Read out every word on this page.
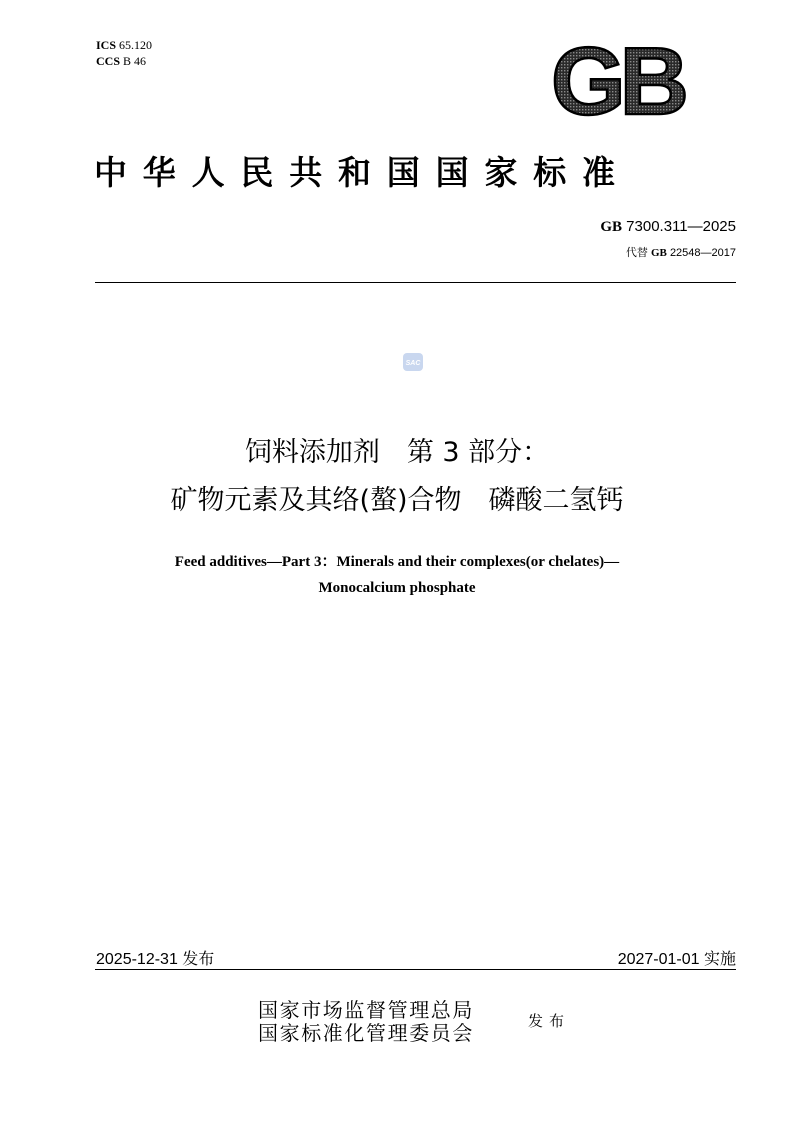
ICS 65.120
CCS B 46	GB
中华人民共和国国家标准
GB 7300.311—2025
代替 GB 22548—2017
SAC
饲料添加剂　第 3 部分：
矿物元素及其络(螯)合物　磷酸二氢钙
Feed additives—Part 3：Minerals and their complexes(or chelates)—
Monocalcium phosphate
2025-12-31 发布	2027-01-01 实施
国家市场监督管理总局
国家标准化管理委员会	发布
